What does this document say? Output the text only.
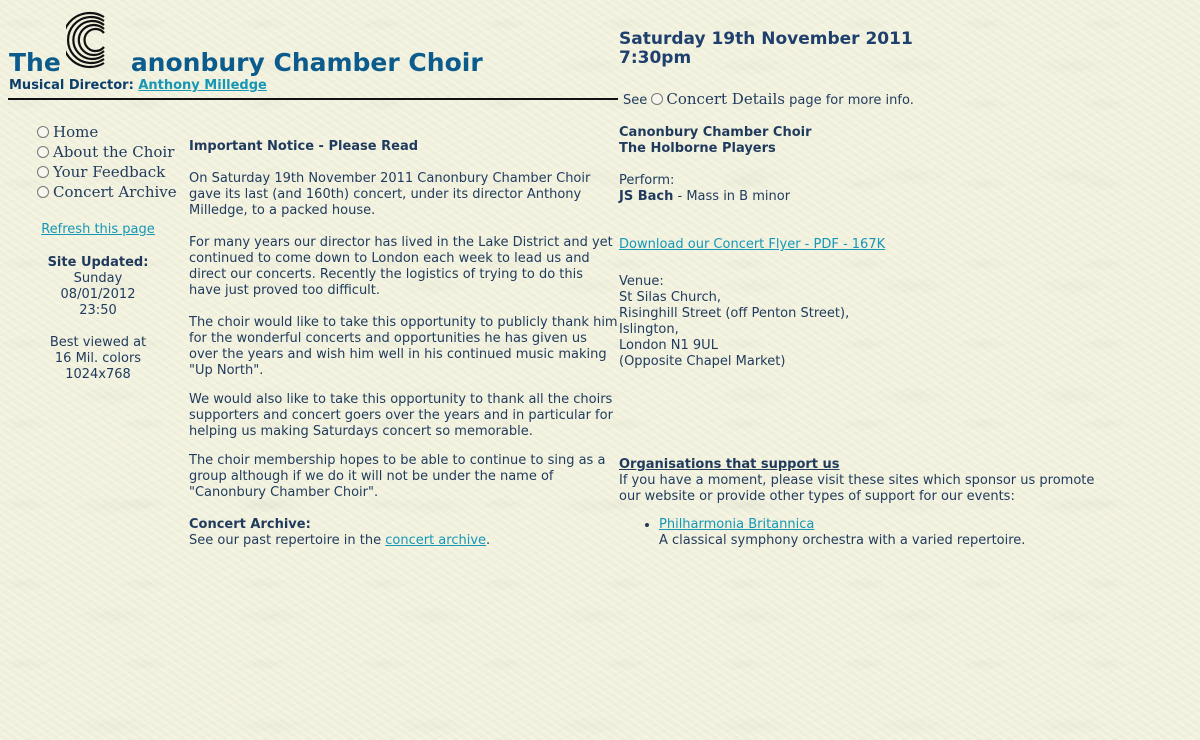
The	anonbury Chamber Choir
Musical Director: Anthony Milledge
Saturday 19th November 2011
7:30pm
See Concert Details page for more info.
Home
About the Choir
Your Feedback
Concert Archive
Refresh this page
Site Updated:
Sunday
08/01/2012
23:50
Best viewed at
16 Mil. colors
1024x768
Important Notice - Please Read

On Saturday 19th November 2011 Canonbury Chamber Choir gave its last (and 160th) concert, under its director Anthony Milledge, to a packed house.

For many years our director has lived in the Lake District and yet continued to come down to London each week to lead us and direct our concerts. Recently the logistics of trying to do this have just proved too difficult.

The choir would like to take this opportunity to publicly thank him for the wonderful concerts and opportunities he has given us over the years and wish him well in his continued music making "Up North".

We would also like to take this opportunity to thank all the choirs supporters and concert goers over the years and in particular for helping us making Saturdays concert so memorable.

The choir membership hopes to be able to continue to sing as a group although if we do it will not be under the name of "Canonbury Chamber Choir".

Concert Archive:
See our past repertoire in the concert archive.
Canonbury Chamber Choir
The Holborne Players
Perform:
JS Bach - Mass in B minor
Download our Concert Flyer - PDF - 167K
Venue:
St Silas Church,
Risinghill Street (off Penton Street),
Islington,
London N1 9UL
(Opposite Chapel Market)
Organisations that support us
If you have a moment, please visit these sites which sponsor us promote our website or provide other types of support for our events:
• Philharmonia Britannica
A classical symphony orchestra with a varied repertoire.
